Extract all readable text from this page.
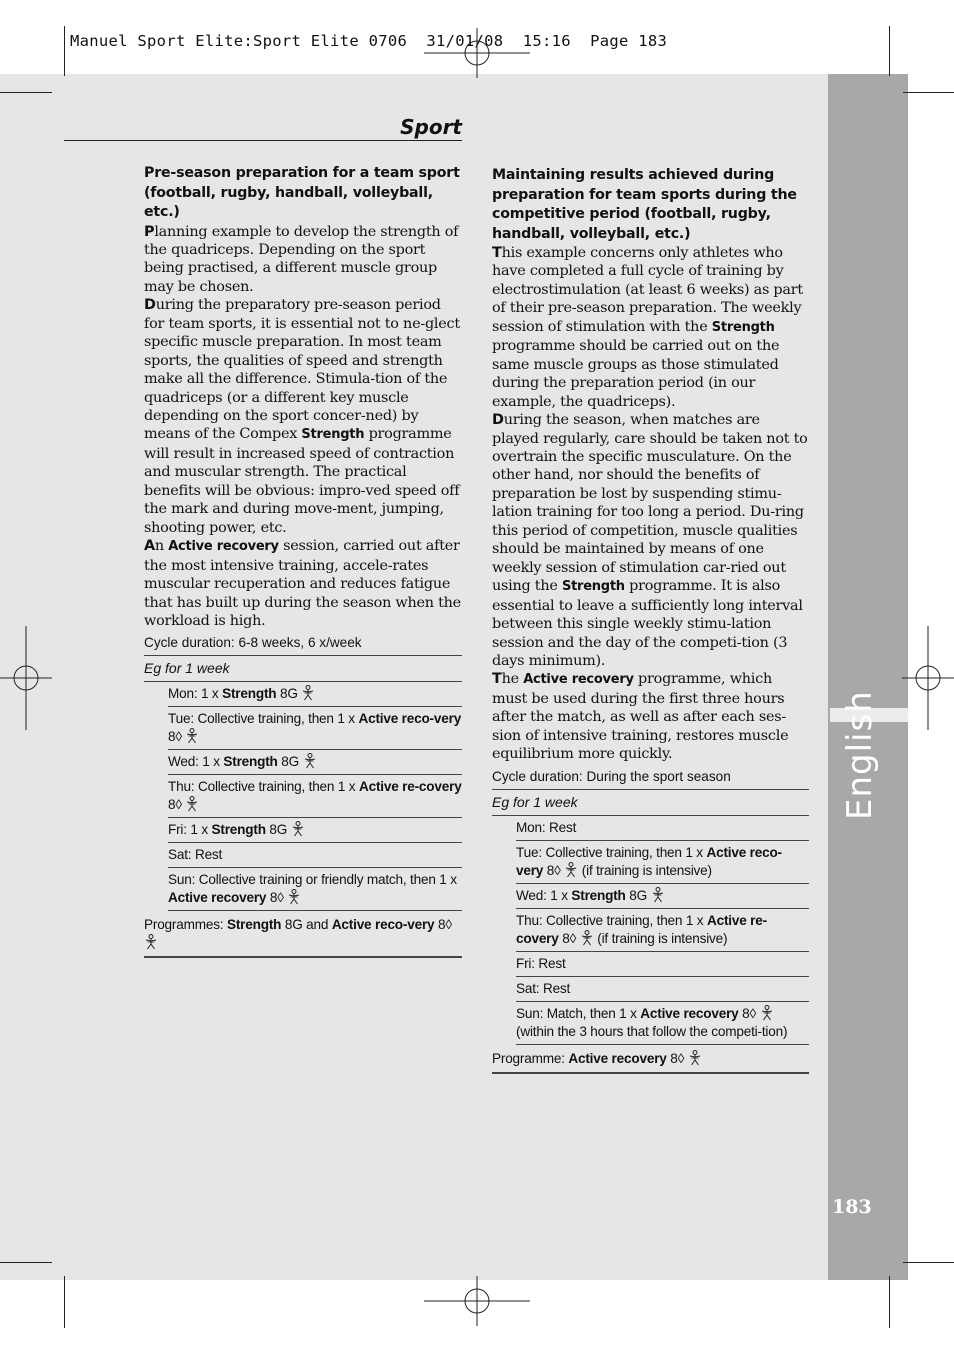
English
183
Manuel Sport Elite:Sport Elite 0706  31/01/08  15:16  Page 183
Sport
Pre-season preparation for a team sport (football, rugby, handball, volleyball, etc.)
Planning example to develop the strength of the quadriceps. Depending on the sport being practised, a different muscle group may be chosen.
During the preparatory pre-season period for team sports, it is essential not to ne-glect specific muscle preparation. In most team sports, the qualities of speed and strength make all the difference. Stimula-tion of the quadriceps (or a different key muscle depending on the sport concer-ned) by means of the Compex Strength programme will result in increased speed of contraction and muscular strength. The practical benefits will be obvious: impro-ved speed off the mark and during move-ment, jumping, shooting power, etc.
An Active recovery session, carried out after the most intensive training, accele-rates muscular recuperation and reduces fatigue that has built up during the season when the workload is high.
Cycle duration: 6-8 weeks, 6 x/week
Eg for 1 week
Mon: 1 x Strength 8G
Tue: Collective training, then 1 x Active reco-very 8◊
Wed: 1 x Strength 8G
Thu: Collective training, then 1 x Active re-covery 8◊
Fri: 1 x Strength 8G
Sat: Rest
Sun: Collective training or friendly match, then 1 x Active recovery 8◊
Programmes: Strength 8G and Active reco-very 8◊
Maintaining results achieved during preparation for team sports during the competitive period (football, rugby, handball, volleyball, etc.)
This example concerns only athletes who have completed a full cycle of training by electrostimulation (at least 6 weeks) as part of their pre-season preparation. The weekly session of stimulation with the Strength programme should be carried out on the same muscle groups as those stimulated during the preparation period (in our example, the quadriceps).
During the season, when matches are played regularly, care should be taken not to overtrain the specific musculature. On the other hand, nor should the benefits of preparation be lost by suspending stimu-lation training for too long a period. Du-ring this period of competition, muscle qualities should be maintained by means of one weekly session of stimulation car-ried out using the Strength programme. It is also essential to leave a sufficiently long interval between this single weekly stimu-lation session and the day of the competi-tion (3 days minimum).
The Active recovery programme, which must be used during the first three hours after the match, as well as after each ses-sion of intensive training, restores muscle equilibrium more quickly.
Cycle duration: During the sport season
Eg for 1 week
Mon: Rest
Tue: Collective training, then 1 x Active reco-very 8◊  (if training is intensive)
Wed: 1 x Strength 8G
Thu: Collective training, then 1 x Active re-covery 8◊  (if training is intensive)
Fri: Rest
Sat: Rest
Sun: Match, then 1 x Active recovery 8◊  (within the 3 hours that follow the competi-tion)
Programme: Active recovery 8◊
